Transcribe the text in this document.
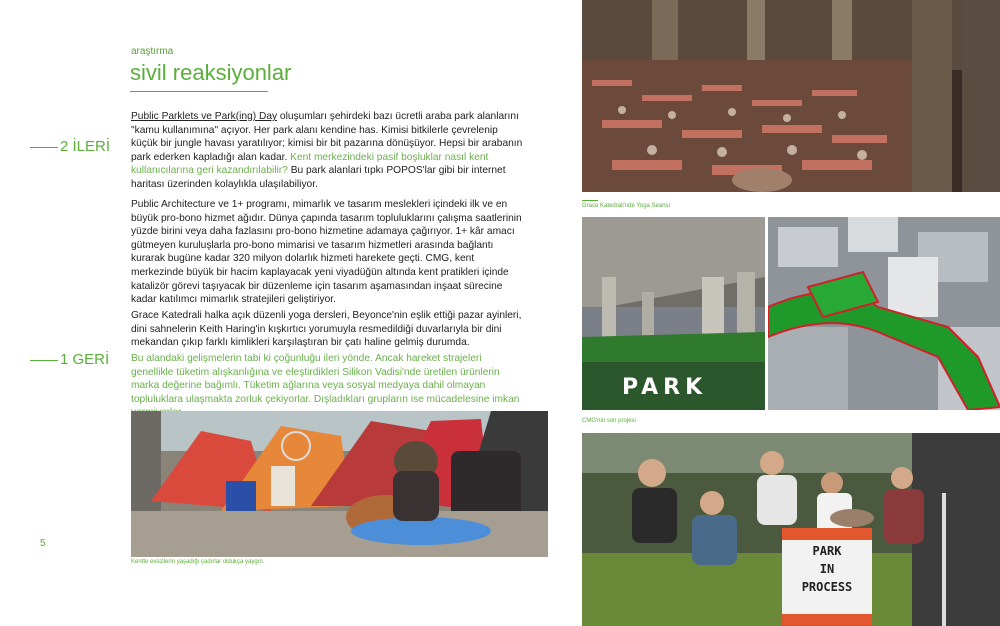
araştırma
sivil reaksiyonlar
Public Parklets ve Park(ing) Day oluşumları şehirdeki bazı ücretli araba park alanlarını "kamu kullanımına" açıyor. Her park alanı kendine has. Kimisi bitkilerle çevrelenip küçük bir jungle havası yaratılıyor; kimisi bir bit pazarına dönüşüyor. Hepsi bir arabanın park ederken kapladığı alan kadar. Kent merkezindeki pasif boşluklar nasıl kent kullanıcılarına geri kazandırılabilir? Bu park alanlari tıpkı POPOS'lar gibi bir internet haritası üzerinden kolaylıkla ulaşılabiliyor.
Public Architecture ve 1+ programı, mimarlık ve tasarım meslekleri içindeki ilk ve en büyük pro-bono hizmet ağıdır. Dünya çapında tasarım topluluklarını çalışma saatlerinin yüzde birini veya daha fazlasını pro-bono hizmetine adamaya çağırıyor. 1+ kâr amacı gütmeyen kuruluşlarla pro-bono mimarisi ve tasarım hizmetleri arasında bağlantı kurarak bugüne kadar 320 milyon dolarlık hizmeti harekete geçti. CMG, kent merkezinde büyük bir hacim kaplayacak yeni viyadüğün altında kent pratikleri içinde katalizör görevi taşıyacak bir düzenleme için tasarım aşamasından inşaat sürecine kadar katılımcı mimarlık stratejileri geliştiriyor.
Grace Katedrali halka açık düzenli yoga dersleri, Beyonce'nin eşlik ettiği pazar ayinleri, dini sahnelerin Keith Haring'in kışkırtıcı yorumuyla resmedildiği duvarlarıyla bir dini mekandan çıkıp farklı kimlikleri karşılaştıran bir çatı haline gelmiş durumda.
Bu alandaki gelişmelerin tabi ki çoğunluğu ileri yönde. Ancak hareket strajeleri genellikle tüketim alışkanlığına ve eleştirdikleri Silikon Vadisi'nde üretilen ürünlerin marka değerine bağımlı. Tüketim ağlarına veya sosyal medyaya dahil olmayan topluluklara ulaşmakta zorluk çekiyorlar. Dışladıkları grupların ise mücadelesine imkan
2 İLERİ
1 GERİ
Kentte evsizlerin yaşadığı çadırlar oldukça yaygın.
5
Grace Katedrali'nde Yoga Seansı
PARK
CMG'nin son projesi
PARK
IN
PROCESS
